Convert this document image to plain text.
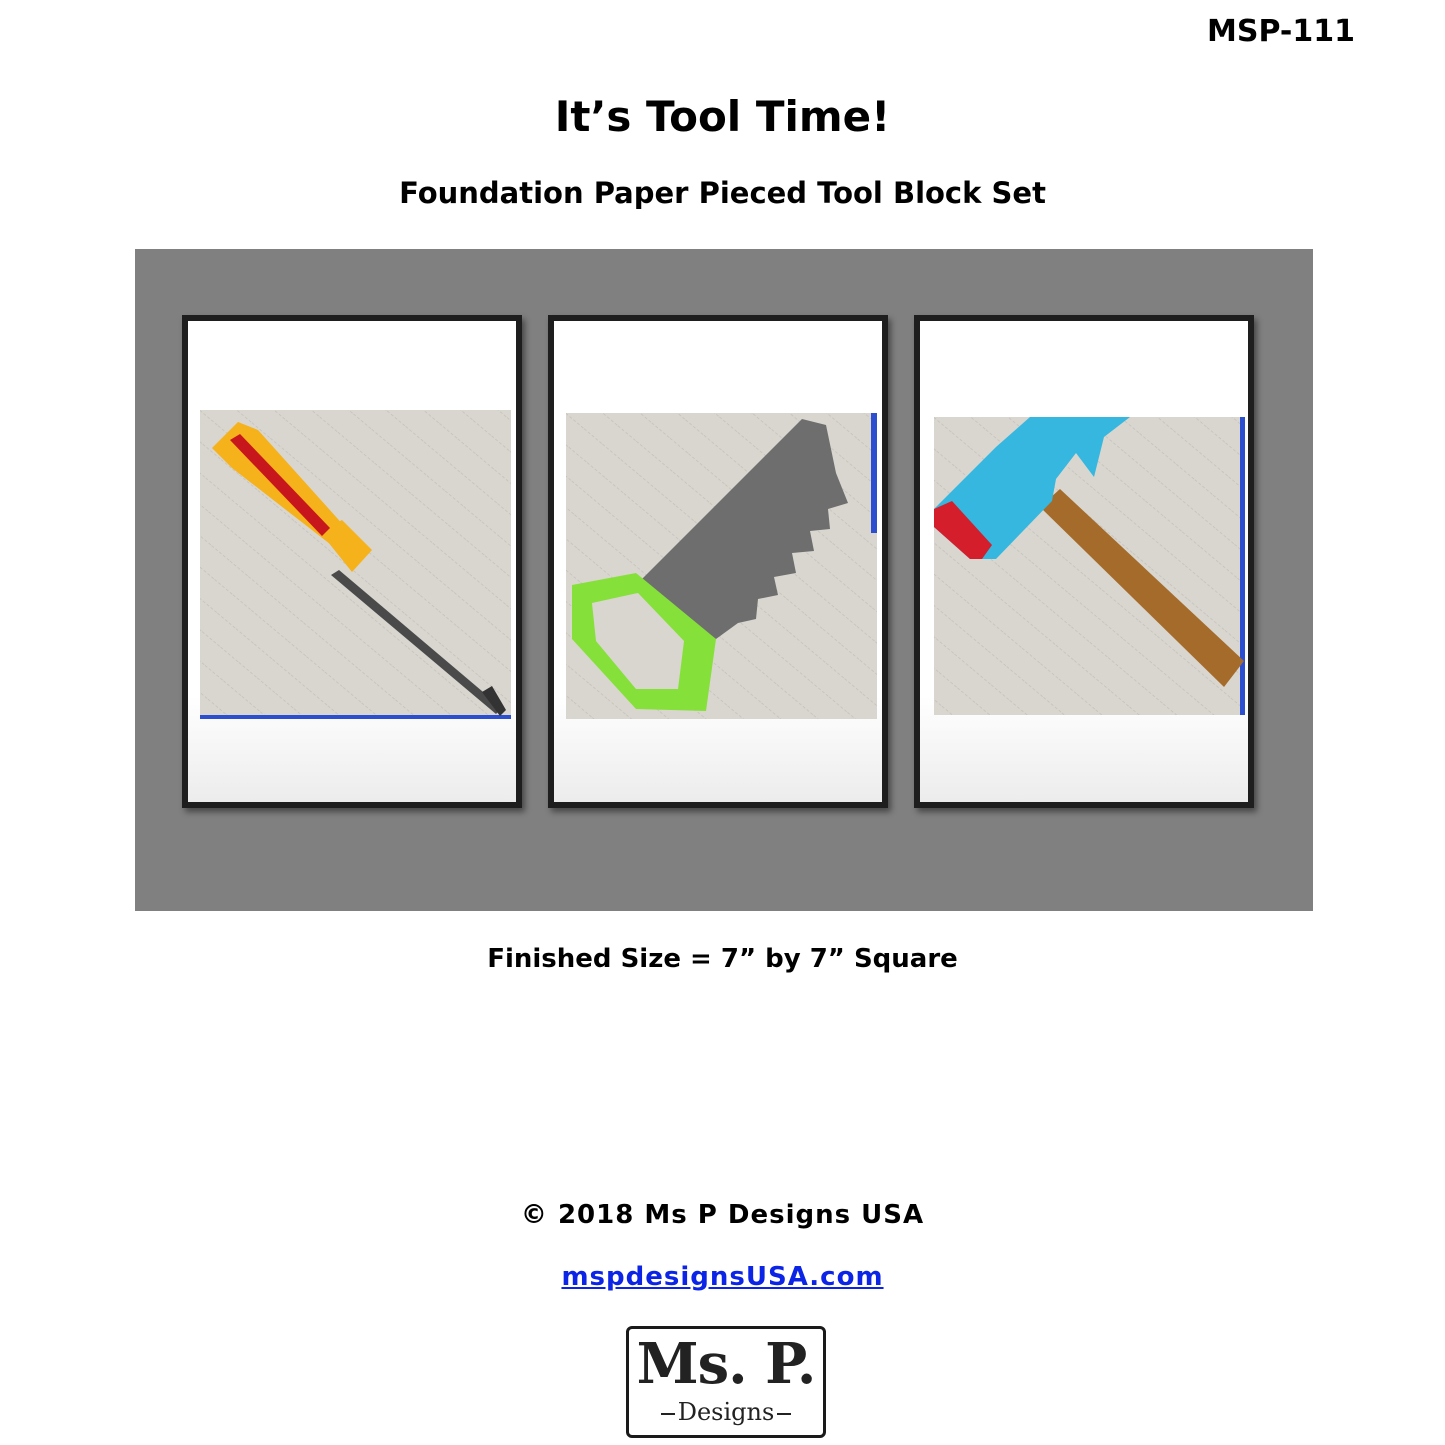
MSP-111
It’s Tool Time!
Foundation Paper Pieced Tool Block Set
Finished Size = 7” by 7” Square
© 2018 Ms P Designs USA
mspdesignsUSA.com
Ms. P.
Designs
